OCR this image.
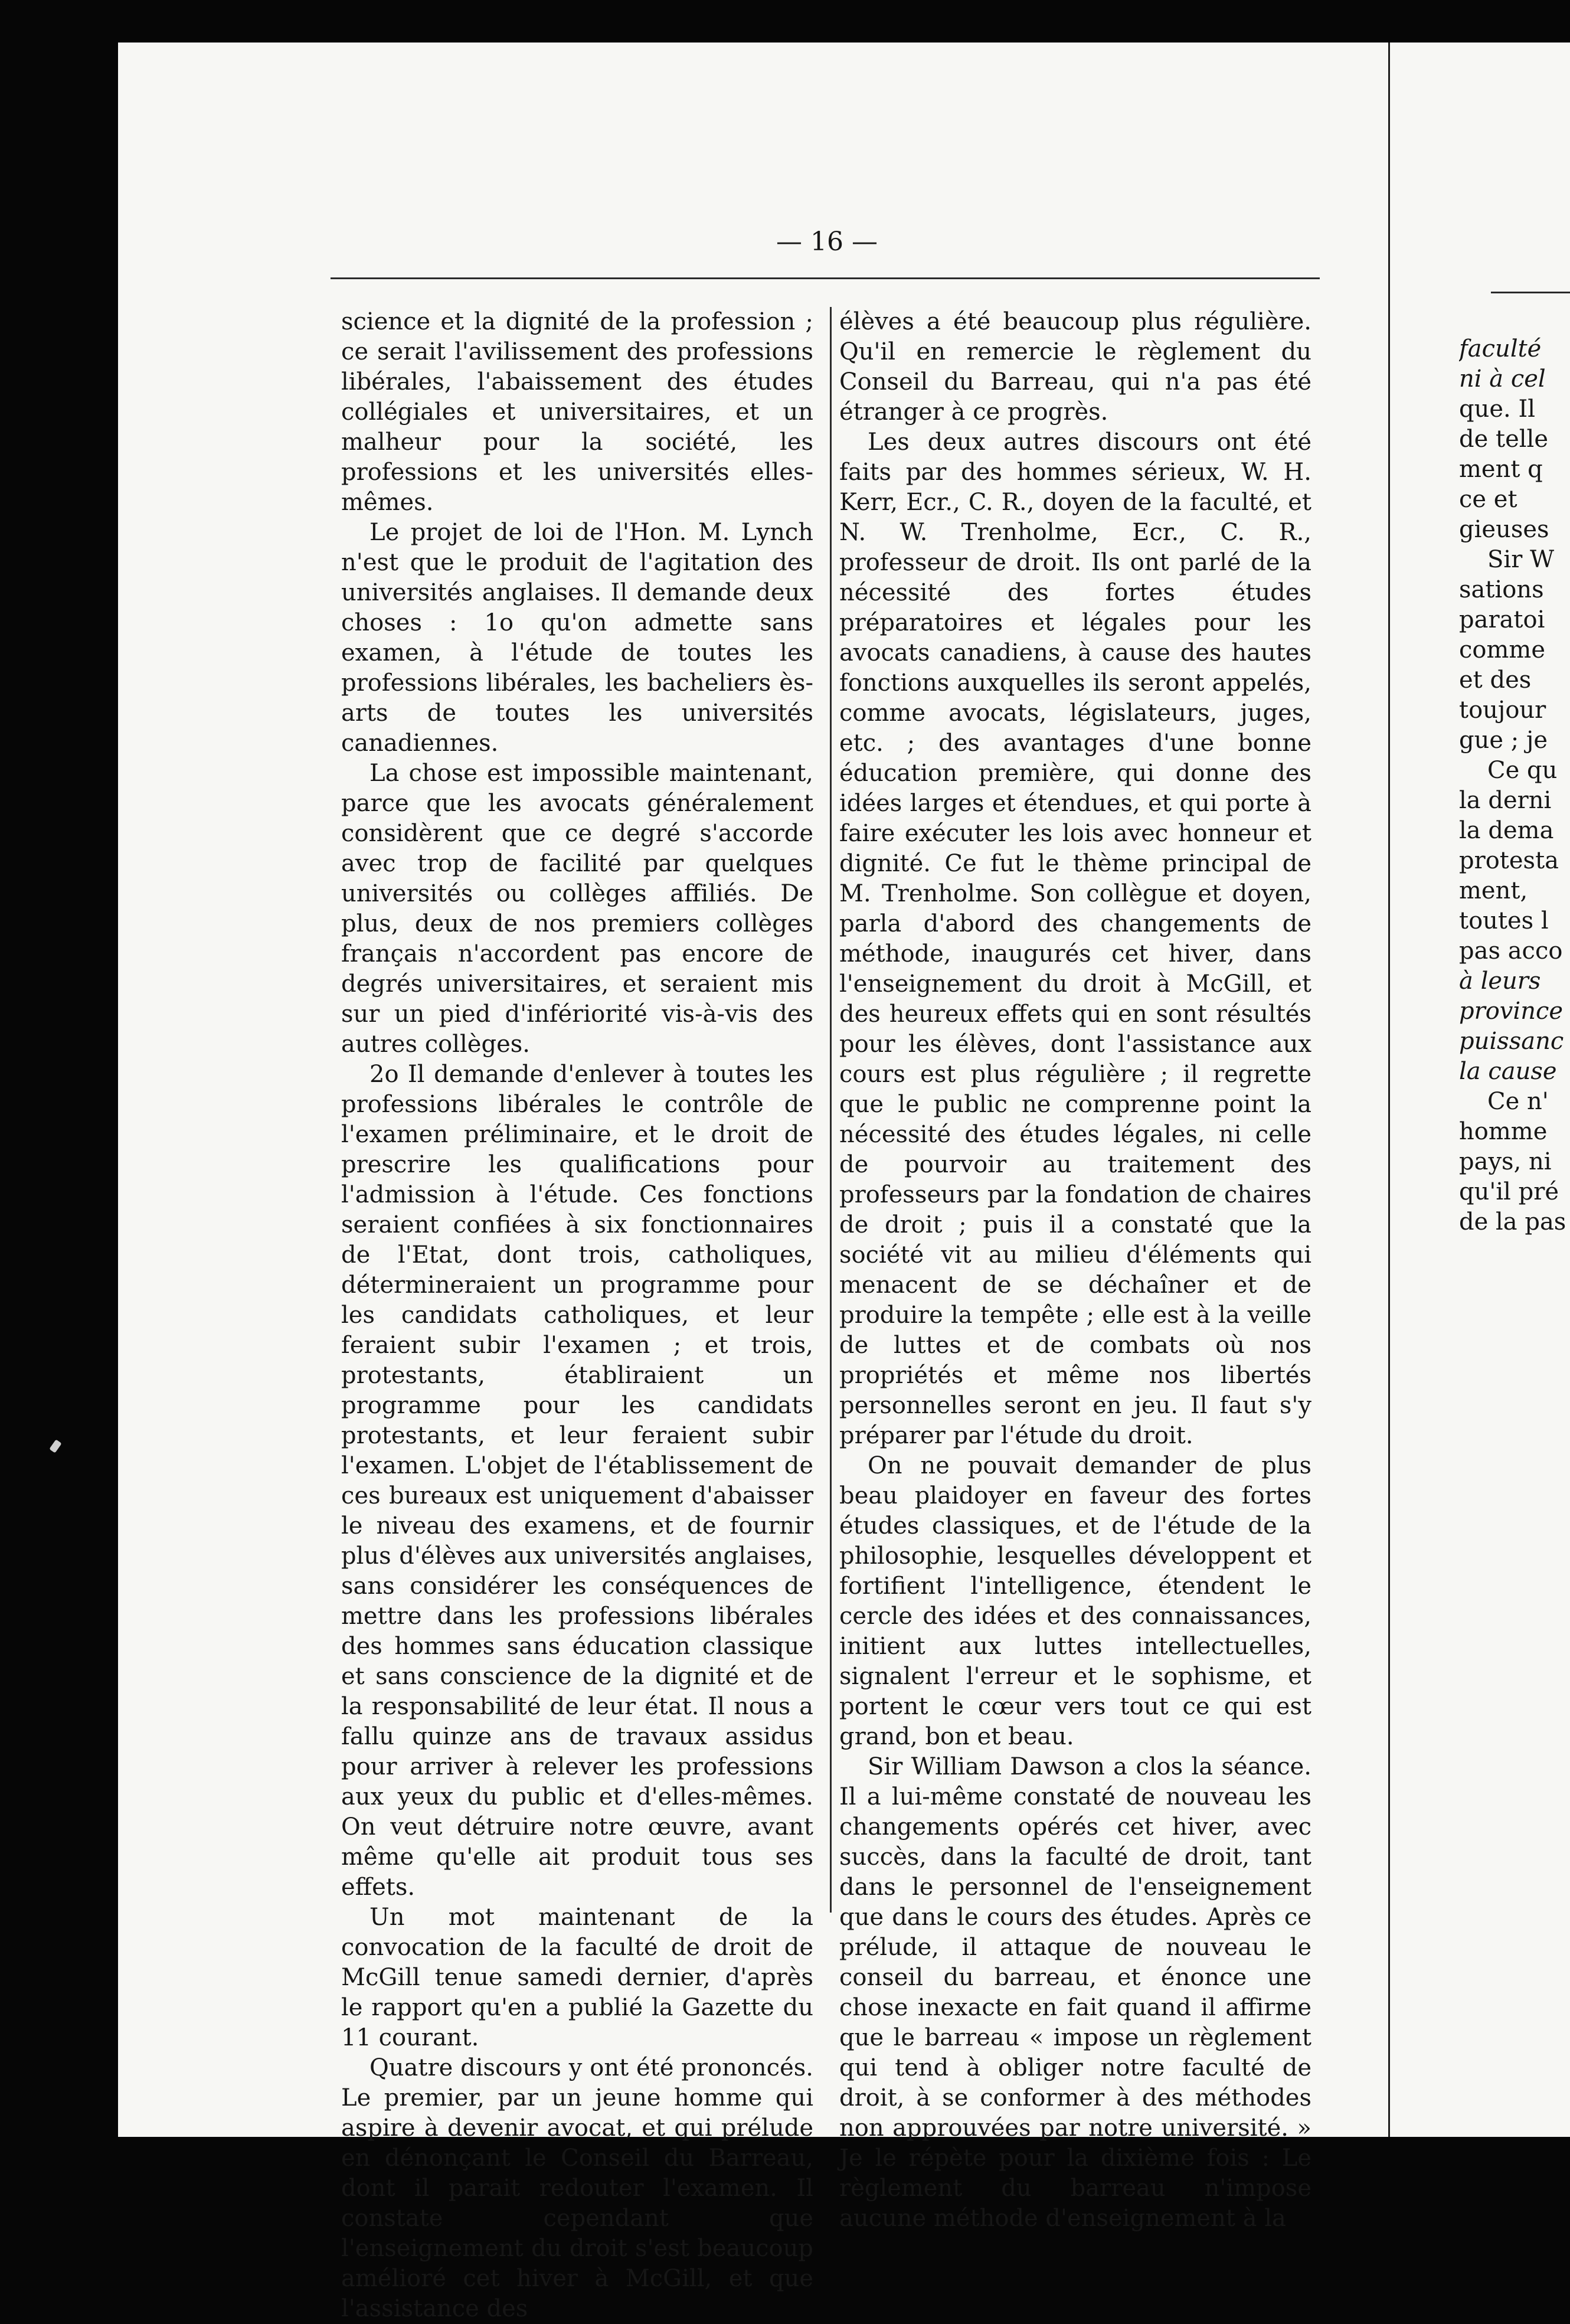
— 16 —

science et la dignité de la profession ; ce serait l'avilissement des professions libérales, l'abaissement des études collégiales et universitaires, et un malheur pour la société, les professions et les universités elles-mêmes.

Le projet de loi de l'Hon. M. Lynch n'est que le produit de l'agitation des universités anglaises. Il demande deux choses : 1o qu'on admette sans examen, à l'étude de toutes les professions libérales, les bacheliers ès-arts de toutes les universités canadiennes.

La chose est impossible maintenant, parce que les avocats généralement considèrent que ce degré s'accorde avec trop de facilité par quelques universités ou collèges affiliés. De plus, deux de nos premiers collèges français n'accordent pas encore de degrés universitaires, et seraient mis sur un pied d'infériorité vis-à-vis des autres collèges.

2o Il demande d'enlever à toutes les professions libérales le contrôle de l'examen préliminaire, et le droit de prescrire les qualifications pour l'admission à l'étude. Ces fonctions seraient confiées à six fonctionnaires de l'Etat, dont trois, catholiques, détermineraient un programme pour les candidats catholiques, et leur feraient subir l'examen ; et trois, protestants, établiraient un programme pour les candidats protestants, et leur feraient subir l'examen. L'objet de l'établissement de ces bureaux est uniquement d'abaisser le niveau des examens, et de fournir plus d'élèves aux universités anglaises, sans considérer les conséquences de mettre dans les professions libérales des hommes sans éducation classique et sans conscience de la dignité et de la responsabilité de leur état. Il nous a fallu quinze ans de travaux assidus pour arriver à relever les professions aux yeux du public et d'elles-mêmes. On veut détruire notre œuvre, avant même qu'elle ait produit tous ses effets.

Un mot maintenant de la convocation de la faculté de droit de McGill tenue samedi dernier, d'après le rapport qu'en a publié la Gazette du 11 courant.

Quatre discours y ont été prononcés. Le premier, par un jeune homme qui aspire à devenir avocat, et qui prélude en dénonçant le Conseil du Barreau, dont il parait redouter l'examen. Il constate cependant que l'enseignement du droit s'est beaucoup amélioré cet hiver à McGill, et que l'assistance des

élèves a été beaucoup plus régulière. Qu'il en remercie le règlement du Conseil du Barreau, qui n'a pas été étranger à ce progrès.

Les deux autres discours ont été faits par des hommes sérieux, W. H. Kerr, Ecr., C. R., doyen de la faculté, et N. W. Trenholme, Ecr., C. R., professeur de droit. Ils ont parlé de la nécessité des fortes études préparatoires et légales pour les avocats canadiens, à cause des hautes fonctions auxquelles ils seront appelés, comme avocats, législateurs, juges, etc. ; des avantages d'une bonne éducation première, qui donne des idées larges et étendues, et qui porte à faire exécuter les lois avec honneur et dignité. Ce fut le thème principal de M. Trenholme. Son collègue et doyen, parla d'abord des changements de méthode, inaugurés cet hiver, dans l'enseignement du droit à McGill, et des heureux effets qui en sont résultés pour les élèves, dont l'assistance aux cours est plus régulière ; il regrette que le public ne comprenne point la nécessité des études légales, ni celle de pourvoir au traitement des professeurs par la fondation de chaires de droit ; puis il a constaté que la société vit au milieu d'éléments qui menacent de se déchaîner et de produire la tempête ; elle est à la veille de luttes et de combats où nos propriétés et même nos libertés personnelles seront en jeu. Il faut s'y préparer par l'étude du droit.

On ne pouvait demander de plus beau plaidoyer en faveur des fortes études classiques, et de l'étude de la philosophie, lesquelles développent et fortifient l'intelligence, étendent le cercle des idées et des connaissances, initient aux luttes intellectuelles, signalent l'erreur et le sophisme, et portent le cœur vers tout ce qui est grand, bon et beau.

Sir William Dawson a clos la séance. Il a lui-même constaté de nouveau les changements opérés cet hiver, avec succès, dans la faculté de droit, tant dans le personnel de l'enseignement que dans le cours des études. Après ce prélude, il attaque de nouveau le conseil du barreau, et énonce une chose inexacte en fait quand il affirme que le barreau « impose un règlement qui tend à obliger notre faculté de droit, à se conformer à des méthodes non approuvées par notre université. » Je le répète pour la dixième fois : Le règlement du barreau n'impose aucune méthode d'enseignement à la

faculté
ni à cel
que. Il
de telle
ment q
ce et
gieuses
Sir W
sations
paratoi
comme
et des
toujour
gue ; je
Ce qu
la derni
la dema
protesta
ment,
toutes l
pas acco
à leurs
province
puissanc
la cause
Ce n'
homme
pays, ni
qu'il pré
de la pas
